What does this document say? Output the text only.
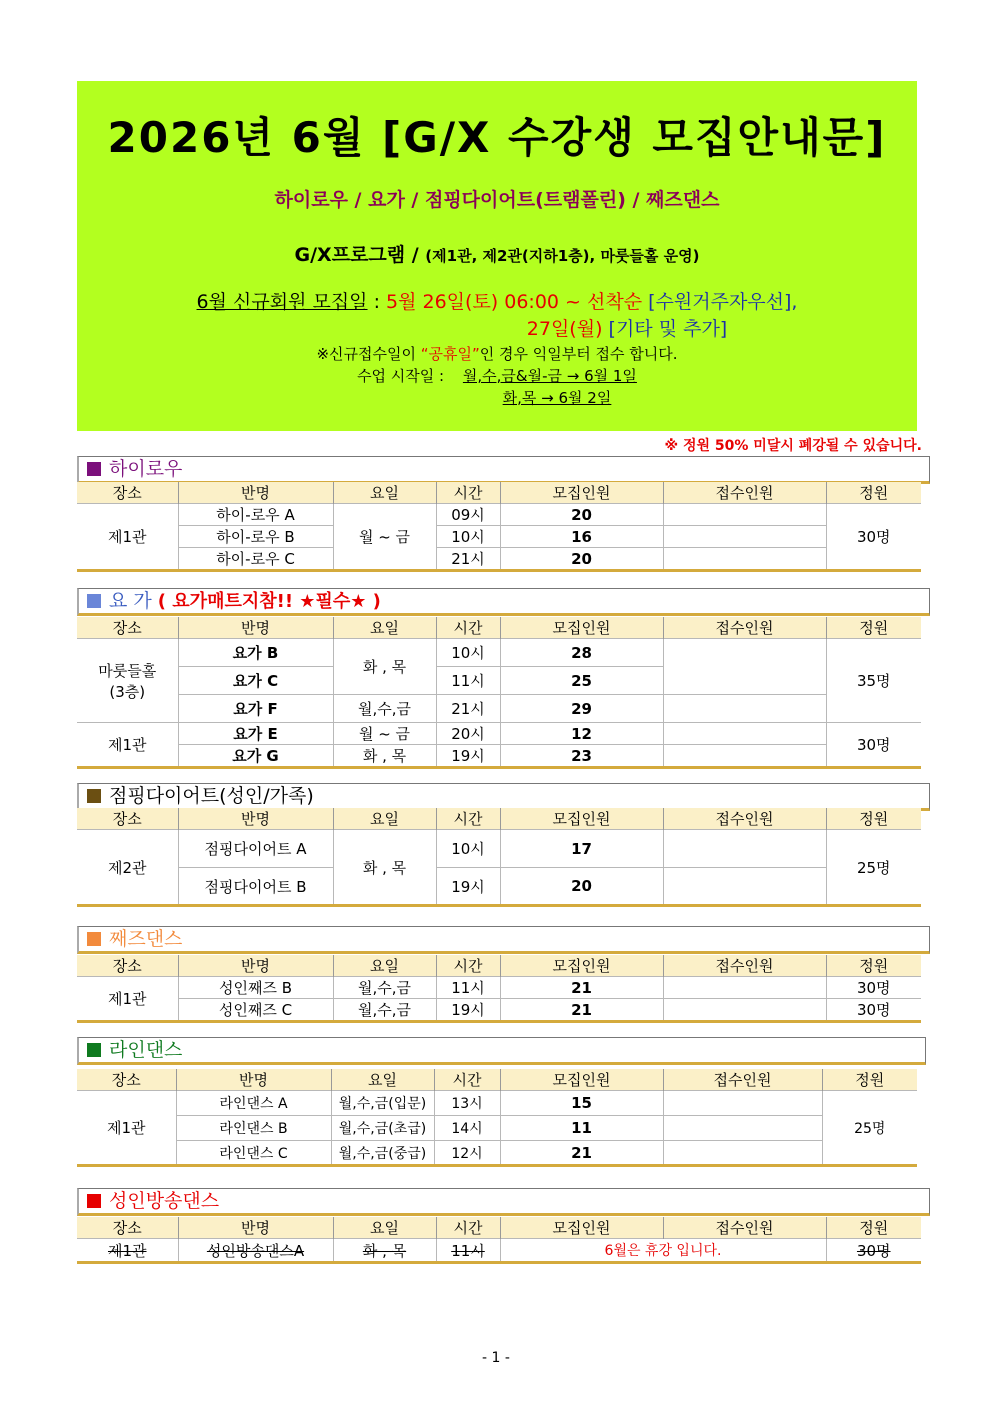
2026년 6월 [G/X 수강생 모집안내문]
하이로우 / 요가 / 점핑다이어트(트램폴린) / 째즈댄스
G/X프로그램 / (제1관, 제2관(지하1층), 마룻들홀 운영)
6월 신규회원 모집일 : 5월 26일(토) 06:00 ~ 선착순 [수원거주자우선],
27일(월) [기타 및 추가]
※신규접수일이 “공휴일”인 경우 익일부터 접수 합니다.
수업 시작일 : 월,수,금&월-금 → 6월 1일
화,목 → 6월 2일
※ 정원 50% 미달시 폐강될 수 있습니다.
하이로우
장소	반명	요일	시간	모집인원	접수인원	정원
제1관	하이-로우 A	월 ~ 금	09시	20		30명
	하이-로우 B		10시	16		
	하이-로우 C		21시	20		
요 가 ( 요가매트지참!! ★필수★ )
장소	반명	요일	시간	모집인원	접수인원	정원
마룻들홀
(3층)	요가 B	화 , 목	10시	28		35명
	요가 C		11시	25		
	요가 F	월,수,금	21시	29		
제1관	요가 E	월 ~ 금	20시	12		30명
	요가 G	화 , 목	19시	23		
점핑다이어트(성인/가족)
장소	반명	요일	시간	모집인원	접수인원	정원
제2관	점핑다이어트 A	화 , 목	10시	17		25명
	점핑다이어트 B		19시	20		
째즈댄스
장소	반명	요일	시간	모집인원	접수인원	정원
제1관	성인째즈 B	월,수,금	11시	21		30명
	성인째즈 C	월,수,금	19시	21		30명
라인댄스
장소	반명	요일	시간	모집인원	접수인원	정원
제1관	라인댄스 A	월,수,금(입문)	13시	15		25명
	라인댄스 B	월,수,금(초급)	14시	11		
	라인댄스 C	월,수,금(중급)	12시	21		
성인방송댄스
장소	반명	요일	시간	모집인원	접수인원	정원
제1관	성인방송댄스A	화 , 목	11시	6월은 휴강 입니다.		30명
- 1 -
